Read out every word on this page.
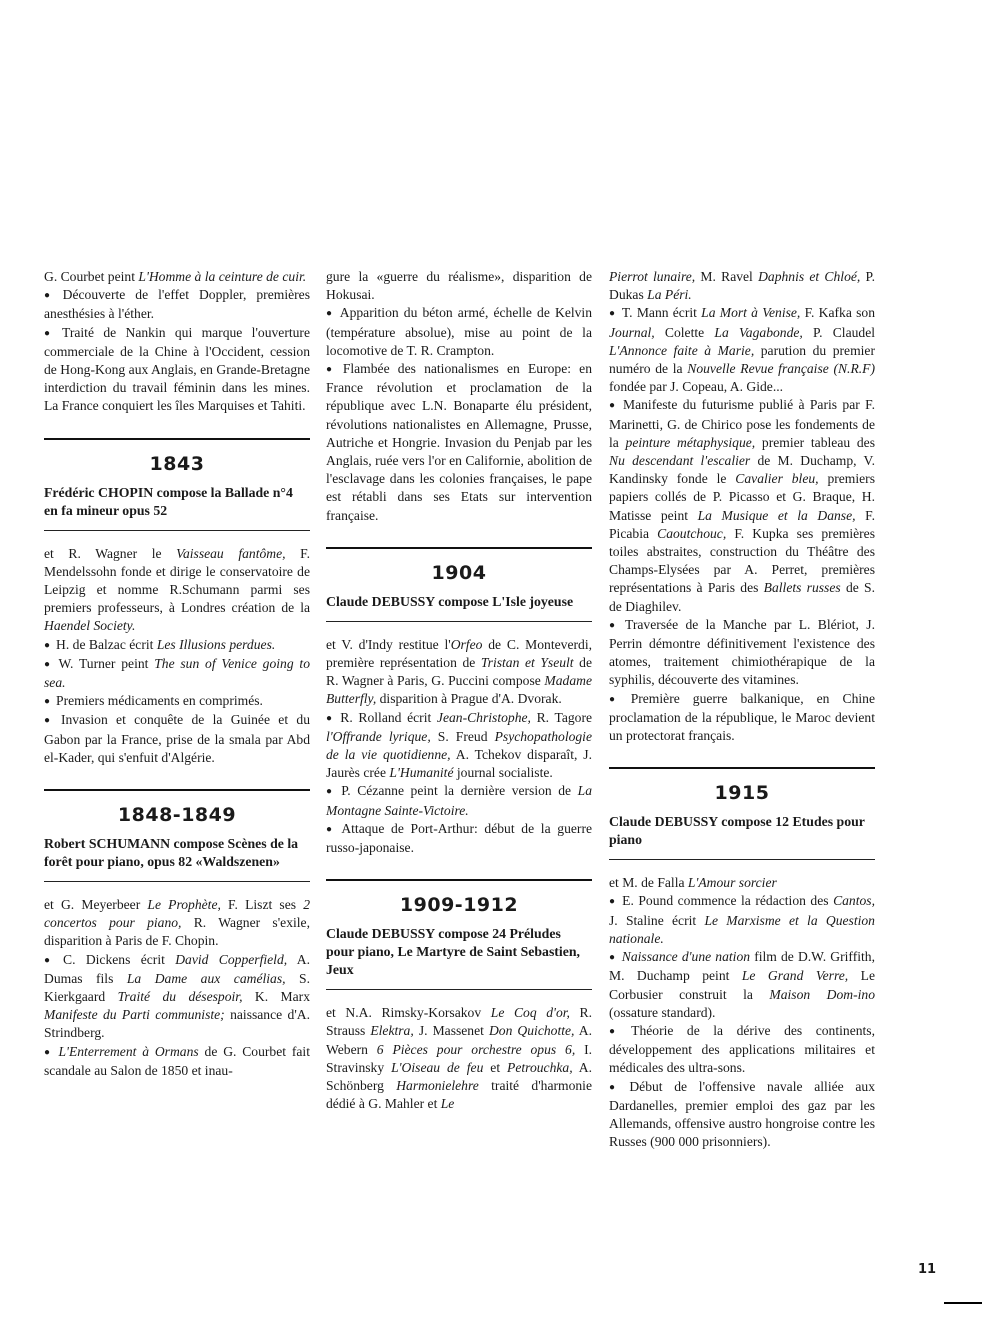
G. Courbet peint L'Homme à la ceinture de cuir.

● Découverte de l'effet Doppler, premières anesthésies à l'éther.

● Traité de Nankin qui marque l'ouverture commerciale de la Chine à l'Occident, cession de Hong-Kong aux Anglais, en Grande-Bretagne interdiction du travail féminin dans les mines. La France conquiert les îles Marquises et Tahiti.

1843
Frédéric CHOPIN compose la Ballade n°4 en fa mineur opus 52

et R. Wagner le Vaisseau fantôme, F. Mendelssohn fonde et dirige le conservatoire de Leipzig et nomme R.Schumann parmi ses premiers professeurs, à Londres création de la Haendel Society.

● H. de Balzac écrit Les Illusions perdues.

● W. Turner peint The sun of Venice going to sea.

● Premiers médicaments en comprimés.

● Invasion et conquête de la Guinée et du Gabon par la France, prise de la smala par Abd el-Kader, qui s'enfuit d'Algérie.

1848-1849
Robert SCHUMANN compose Scènes de la forêt pour piano, opus 82 «Waldszenen»

et G. Meyerbeer Le Prophète, F. Liszt ses 2 concertos pour piano, R. Wagner s'exile, disparition à Paris de F. Chopin.

● C. Dickens écrit David Copperfield, A. Dumas fils La Dame aux camélias, S. Kierkgaard Traité du désespoir, K. Marx Manifeste du Parti communiste; naissance d'A. Strindberg.

● L'Enterrement à Ormans de G. Courbet fait scandale au Salon de 1850 et inau-

gure la «guerre du réalisme», disparition de Hokusai.

● Apparition du béton armé, échelle de Kelvin (température absolue), mise au point de la locomotive de T. R. Crampton.

● Flambée des nationalismes en Europe: en France révolution et proclamation de la république avec L.N. Bonaparte élu président, révolutions nationalistes en Allemagne, Prusse, Autriche et Hongrie. Invasion du Penjab par les Anglais, ruée vers l'or en Californie, abolition de l'esclavage dans les colonies françaises, le pape est rétabli dans ses Etats sur intervention française.

1904
Claude DEBUSSY compose L'Isle joyeuse

et V. d'Indy restitue l'Orfeo de C. Monteverdi, première représentation de Tristan et Yseult de R. Wagner à Paris, G. Puccini compose Madame Butterfly, disparition à Prague d'A. Dvorak.

● R. Rolland écrit Jean-Christophe, R. Tagore l'Offrande lyrique, S. Freud Psychopathologie de la vie quotidienne, A. Tchekov disparaît, J. Jaurès crée L'Humanité journal socialiste.

● P. Cézanne peint la dernière version de La Montagne Sainte-Victoire.

● Attaque de Port-Arthur: début de la guerre russo-japonaise.

1909-1912
Claude DEBUSSY compose 24 Préludes pour piano, Le Martyre de Saint Sebastien, Jeux

et N.A. Rimsky-Korsakov Le Coq d'or, R. Strauss Elektra, J. Massenet Don Quichotte, A. Webern 6 Pièces pour orchestre opus 6, I. Stravinsky L'Oiseau de feu et Petrouchka, A. Schönberg Harmonielehre traité d'harmonie dédié à G. Mahler et Le

Pierrot lunaire, M. Ravel Daphnis et Chloé, P. Dukas La Péri.

● T. Mann écrit La Mort à Venise, F. Kafka son Journal, Colette La Vagabonde, P. Claudel L'Annonce faite à Marie, parution du premier numéro de la Nouvelle Revue française (N.R.F) fondée par J. Copeau, A. Gide...

● Manifeste du futurisme publié à Paris par F. Marinetti, G. de Chirico pose les fondements de la peinture métaphysique, premier tableau des Nu descendant l'escalier de M. Duchamp, V. Kandinsky fonde le Cavalier bleu, premiers papiers collés de P. Picasso et G. Braque, H. Matisse peint La Musique et la Danse, F. Picabia Caoutchouc, F. Kupka ses premières toiles abstraites, construction du Théâtre des Champs-Elysées par A. Perret, premières représentations à Paris des Ballets russes de S. de Diaghilev.

● Traversée de la Manche par L. Blériot, J. Perrin démontre définitivement l'existence des atomes, traitement chimiothérapique de la syphilis, découverte des vitamines.

● Première guerre balkanique, en Chine proclamation de la république, le Maroc devient un protectorat français.

1915
Claude DEBUSSY compose 12 Etudes pour piano

et M. de Falla L'Amour sorcier

● E. Pound commence la rédaction des Cantos, J. Staline écrit Le Marxisme et la Question nationale.

● Naissance d'une nation film de D.W. Griffith, M. Duchamp peint Le Grand Verre, Le Corbusier construit la Maison Dom-ino (ossature standard).

● Théorie de la dérive des continents, développement des applications militaires et médicales des ultra-sons.

● Début de l'offensive navale alliée aux Dardanelles, premier emploi des gaz par les Allemands, offensive austro hongroise contre les Russes (900 000 prisonniers).

11
